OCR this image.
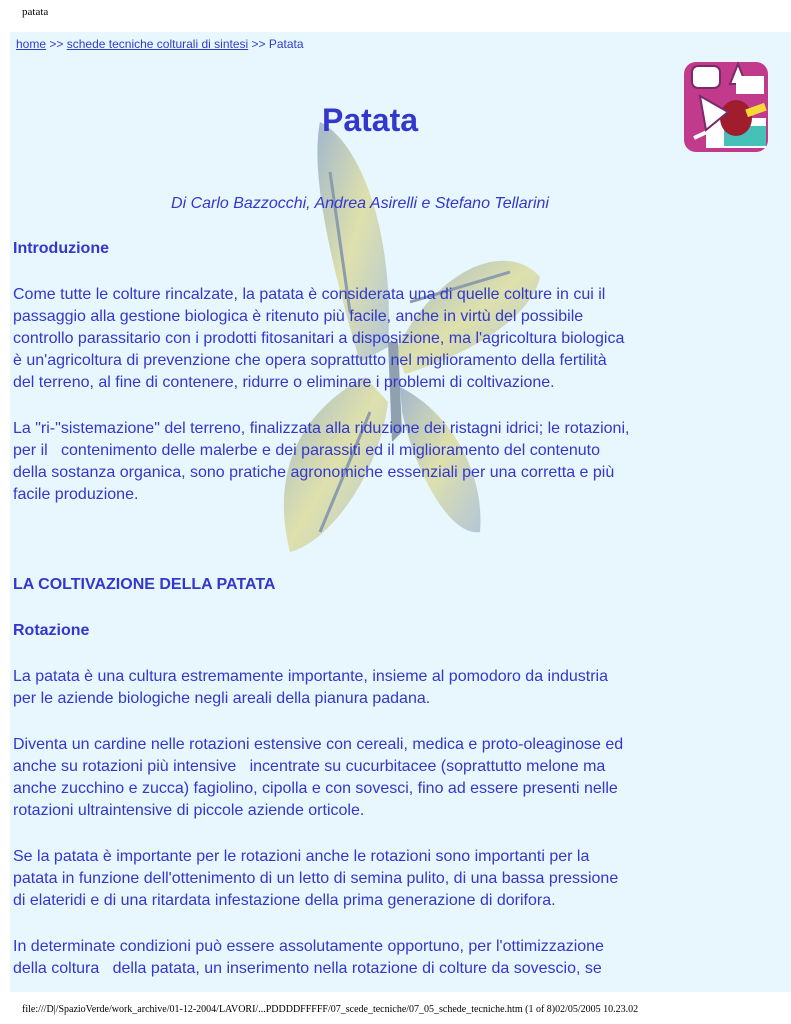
patata
home >> schede tecniche colturali di sintesi >> Patata
Patata
Di Carlo Bazzocchi, Andrea Asirelli e Stefano Tellarini
Introduzione

Come tutte le colture rincalzate, la patata è considerata una di quelle colture in cui il
passaggio alla gestione biologica è ritenuto più facile, anche in virtù del possibile
controllo parassitario con i prodotti fitosanitari a disposizione, ma l'agricoltura biologica
è un'agricoltura di prevenzione che opera soprattutto nel miglioramento della fertilità
del terreno, al fine di contenere, ridurre o eliminare i problemi di coltivazione.

La "ri-"sistemazione" del terreno, finalizzata alla riduzione dei ristagni idrici; le rotazioni,
per il   contenimento delle malerbe e dei parassiti ed il miglioramento del contenuto
della sostanza organica, sono pratiche agronomiche essenziali per una corretta e più
facile produzione.

LA COLTIVAZIONE DELLA PATATA
Rotazione

La patata è una cultura estremamente importante, insieme al pomodoro da industria
per le aziende biologiche negli areali della pianura padana.

Diventa un cardine nelle rotazioni estensive con cereali, medica e proto-oleaginose ed
anche su rotazioni più intensive   incentrate su cucurbitacee (soprattutto melone ma
anche zucchino e zucca) fagiolino, cipolla e con sovesci, fino ad essere presenti nelle
rotazioni ultraintensive di piccole aziende orticole.

Se la patata è importante per le rotazioni anche le rotazioni sono importanti per la
patata in funzione dell'ottenimento di un letto di semina pulito, di una bassa pressione
di elateridi e di una ritardata infestazione della prima generazione di dorifora.

In determinate condizioni può essere assolutamente opportuno, per l'ottimizzazione
della coltura   della patata, un inserimento nella rotazione di colture da sovescio, se

file:///D|/SpazioVerde/work_archive/01-12-2004/LAVORI/...PDDDDFFFFF/07_scede_tecniche/07_05_schede_tecniche.htm (1 of 8)02/05/2005 10.23.02
